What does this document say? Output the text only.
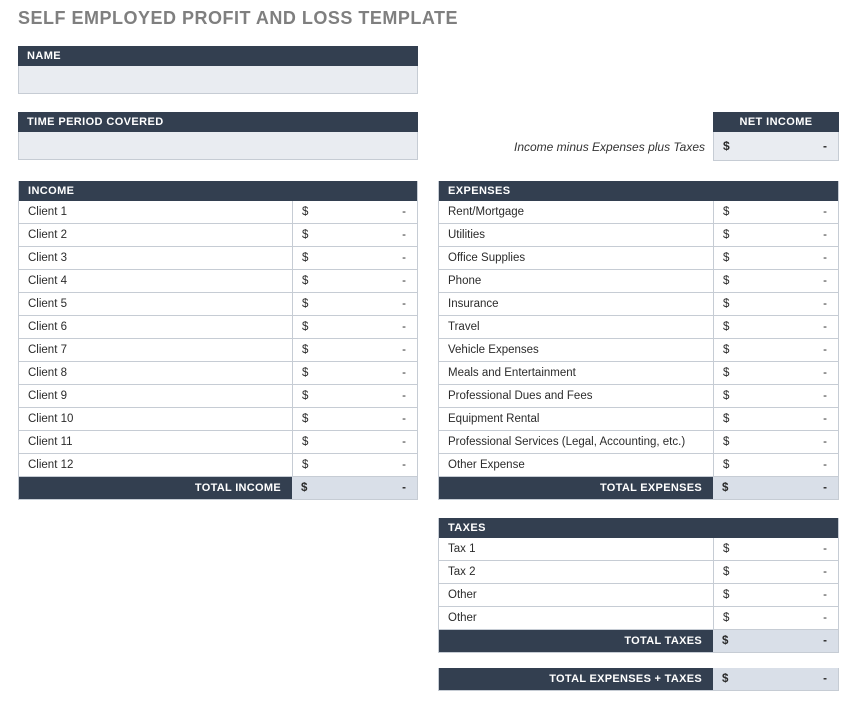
SELF EMPLOYED PROFIT AND LOSS TEMPLATE
NAME
TIME PERIOD COVERED
Income minus Expenses plus Taxes
NET INCOME
$	-
INCOME
Client 1	$	-
Client 2	$	-
Client 3	$	-
Client 4	$	-
Client 5	$	-
Client 6	$	-
Client 7	$	-
Client 8	$	-
Client 9	$	-
Client 10	$	-
Client 11	$	-
Client 12	$	-
TOTAL INCOME	$	-
EXPENSES
Rent/Mortgage	$	-
Utilities	$	-
Office Supplies	$	-
Phone	$	-
Insurance	$	-
Travel	$	-
Vehicle Expenses	$	-
Meals and Entertainment	$	-
Professional Dues and Fees	$	-
Equipment Rental	$	-
Professional Services (Legal, Accounting, etc.)	$	-
Other Expense	$	-
TOTAL EXPENSES	$	-
TAXES
Tax 1	$	-
Tax 2	$	-
Other	$	-
Other	$	-
TOTAL TAXES	$	-
TOTAL EXPENSES + TAXES	$	-
